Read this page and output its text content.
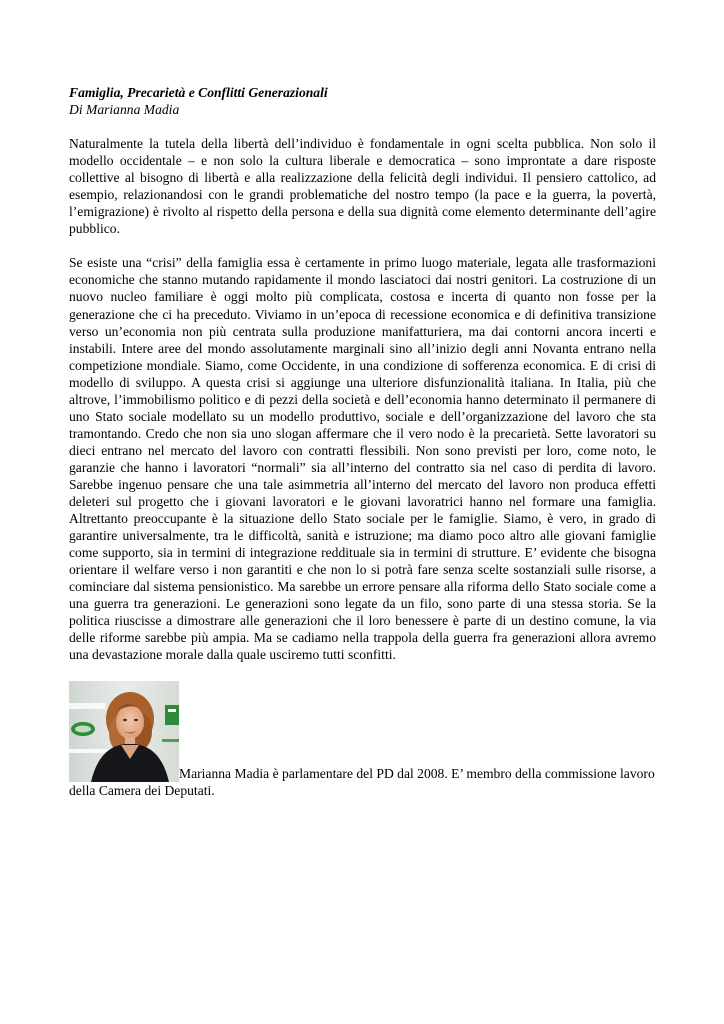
Famiglia, Precarietà e Conflitti Generazionali

Di Marianna Madia

Naturalmente la tutela della libertà dell’individuo è fondamentale in ogni scelta pubblica. Non solo il modello occidentale – e non solo la cultura liberale e democratica – sono improntate a dare risposte collettive al bisogno di libertà e alla realizzazione della felicità degli individui. Il pensiero cattolico, ad esempio, relazionandosi con le grandi problematiche del nostro tempo (la pace e la guerra, la povertà, l’emigrazione) è rivolto al rispetto della persona e della sua dignità come elemento determinante dell’agire pubblico.

Se esiste una “crisi” della famiglia essa è certamente in primo luogo materiale, legata alle trasformazioni economiche che stanno mutando rapidamente il mondo lasciatoci dai nostri genitori. La costruzione di un nuovo nucleo familiare è oggi molto più complicata, costosa e incerta di quanto non fosse per la generazione che ci ha preceduto. Viviamo in un’epoca di recessione economica e di definitiva transizione verso un’economia non più centrata sulla produzione manifatturiera, ma dai contorni ancora incerti e instabili. Intere aree del mondo assolutamente marginali sino all’inizio degli anni Novanta entrano nella competizione mondiale. Siamo, come Occidente, in una condizione di sofferenza economica. E di crisi di modello di sviluppo. A questa crisi si aggiunge una ulteriore disfunzionalità italiana. In Italia, più che altrove, l’immobilismo politico e di pezzi della società e dell’economia hanno determinato il permanere di uno Stato sociale modellato su un modello produttivo, sociale e dell’organizzazione del lavoro che sta tramontando. Credo che non sia uno slogan affermare che il vero nodo è la precarietà. Sette lavoratori su dieci entrano nel mercato del lavoro con contratti flessibili. Non sono previsti per loro, come noto, le garanzie che hanno i lavoratori “normali” sia all’interno del contratto sia nel caso di perdita di lavoro. Sarebbe ingenuo pensare che una tale asimmetria all’interno del mercato del lavoro non produca effetti deleteri sul progetto che i giovani lavoratori e le giovani lavoratrici hanno nel formare una famiglia. Altrettanto preoccupante è la situazione dello Stato sociale per le famiglie. Siamo, è vero, in grado di garantire universalmente, tra le difficoltà, sanità e istruzione; ma diamo poco altro alle giovani famiglie come supporto, sia in termini di integrazione reddituale sia in termini di strutture. E’ evidente che bisogna orientare il welfare verso i non garantiti e che non lo si potrà fare senza scelte sostanziali sulle risorse, a cominciare dal sistema pensionistico. Ma sarebbe un errore pensare alla riforma dello Stato sociale come a una guerra tra generazioni. Le generazioni sono legate da un filo, sono parte di una stessa storia. Se la politica riuscisse a dimostrare alle generazioni che il loro benessere è parte di un destino comune, la via delle riforme sarebbe più ampia. Ma se cadiamo nella trappola della guerra fra generazioni allora avremo una devastazione morale dalla quale usciremo tutti sconfitti.

Marianna Madia è parlamentare del PD dal 2008. E’ membro della commissione lavoro della Camera dei Deputati.
